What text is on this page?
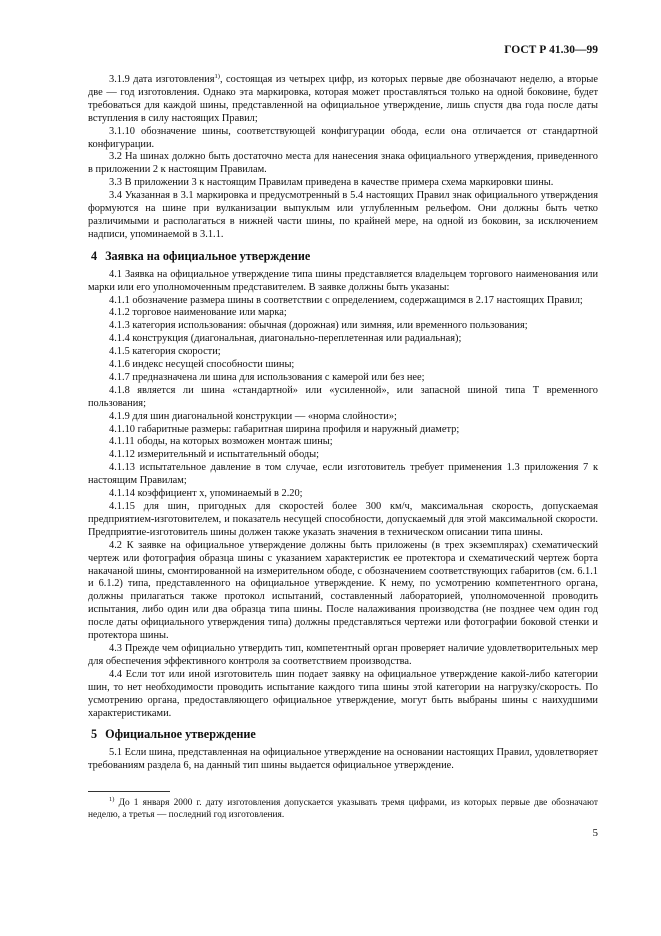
ГОСТ Р 41.30—99

3.1.9 дата изготовления$^{1)}$, состоящая из четырех цифр, из которых первые две обозначают неделю, а вторые две — год изготовления. Однако эта маркировка, которая может проставляться только на одной боковине, будет требоваться для каждой шины, представленной на официальное утверждение, лишь спустя два года после даты вступления в силу настоящих Правил;

3.1.10 обозначение шины, соответствующей конфигурации обода, если она отличается от стандартной конфигурации.

3.2 На шинах должно быть достаточно места для нанесения знака официального утверждения, приведенного в приложении 2 к настоящим Правилам.

3.3 В приложении 3 к настоящим Правилам приведена в качестве примера схема маркировки шины.

3.4 Указанная в 3.1 маркировка и предусмотренный в 5.4 настоящих Правил знак официального утверждения формуются на шине при вулканизации выпуклым или углубленным рельефом. Они должны быть четко различимыми и располагаться в нижней части шины, по крайней мере, на одной из боковин, за исключением надписи, упоминаемой в 3.1.1.

4 Заявка на официальное утверждение

4.1 Заявка на официальное утверждение типа шины представляется владельцем торгового наименования или марки или его уполномоченным представителем. В заявке должны быть указаны:

4.1.1 обозначение размера шины в соответствии с определением, содержащимся в 2.17 настоящих Правил;

4.1.2 торговое наименование или марка;

4.1.3 категория использования: обычная (дорожная) или зимняя, или временного пользования;

4.1.4 конструкция (диагональная, диагонально-переплетенная или радиальная);

4.1.5 категория скорости;

4.1.6 индекс несущей способности шины;

4.1.7 предназначена ли шина для использования с камерой или без нее;

4.1.8 является ли шина «стандартной» или «усиленной», или запасной шиной типа Т временного пользования;

4.1.9 для шин диагональной конструкции — «норма слойности»;

4.1.10 габаритные размеры: габаритная ширина профиля и наружный диаметр;

4.1.11 ободы, на которых возможен монтаж шины;

4.1.12 измерительный и испытательный ободы;

4.1.13 испытательное давление в том случае, если изготовитель требует применения 1.3 приложения 7 к настоящим Правилам;

4.1.14 коэффициент х, упоминаемый в 2.20;

4.1.15 для шин, пригодных для скоростей более 300 км/ч, максимальная скорость, допускаемая предприятием-изготовителем, и показатель несущей способности, допускаемый для этой максимальной скорости. Предприятие-изготовитель шины должен также указать значения в техническом описании типа шины.

4.2 К заявке на официальное утверждение должны быть приложены (в трех экземплярах) схематический чертеж или фотография образца шины с указанием характеристик ее протектора и схематический чертеж борта накачаной шины, смонтированной на измерительном ободе, с обозначением соответствующих габаритов (см. 6.1.1 и 6.1.2) типа, представленного на официальное утверждение. К нему, по усмотрению компетентного органа, должны прилагаться также протокол испытаний, составленный лабораторией, уполномоченной проводить испытания, либо один или два образца типа шины. После налаживания производства (не позднее чем один год после даты официального утверждения типа) должны представляться чертежи или фотографии боковой стенки и протектора шины.

4.3 Прежде чем официально утвердить тип, компетентный орган проверяет наличие удовлетворительных мер для обеспечения эффективного контроля за соответствием производства.

4.4 Если тот или иной изготовитель шин подает заявку на официальное утверждение какой-либо категории шин, то нет необходимости проводить испытание каждого типа шины этой категории на нагрузку/скорость. По усмотрению органа, предоставляющего официальное утверждение, могут быть выбраны шины с наихудшими характеристиками.

5 Официальное утверждение

5.1 Если шина, представленная на официальное утверждение на основании настоящих Правил, удовлетворяет требованиям раздела 6, на данный тип шины выдается официальное утверждение.

$^{1)}$ До 1 января 2000 г. дату изготовления допускается указывать тремя цифрами, из которых первые две обозначают неделю, а третья — последний год изготовления.
5
